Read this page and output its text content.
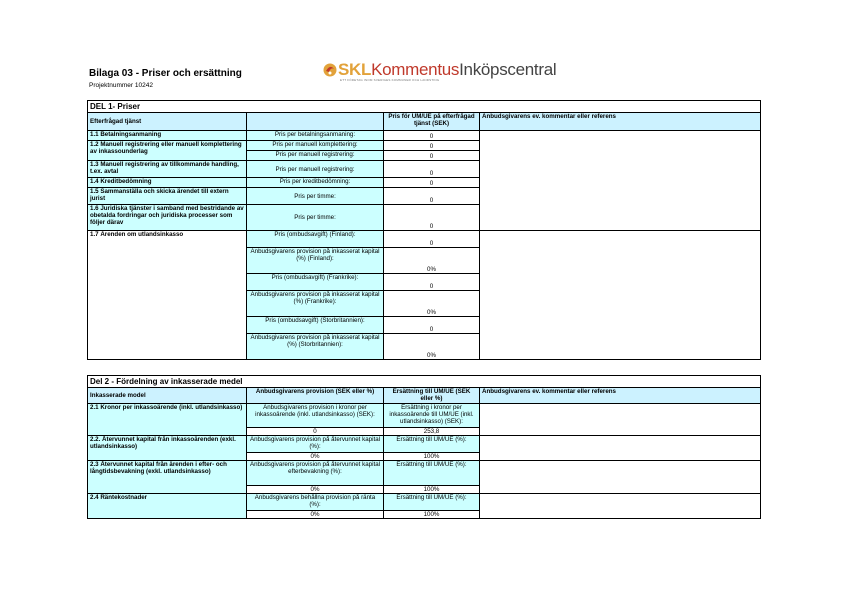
Bilaga 03 - Priser och ersättning
Projektnummer 10242
SKLKommentusInköpscentral
ETT FÖRETAG INOM SVERIGES KOMMUNER OCH LANDSTING
DEL 1- Priser			
Efterfrågad tjänst		Pris för UM/UE på efterfrågad tjänst (SEK)	Anbudsgivarens ev. kommentar eller referens
1.1 Betalningsanmaning	Pris per betalningsanmaning:	0	
1.2 Manuell registrering eller manuell komplettering av inkassounderlag	Pris per manuell komplettering:	0	
	Pris per manuell registrering:	0	
1.3 Manuell registrering av tillkommande handling, t.ex. avtal	Pris per manuell registrering:	0	
1.4 Kreditbedömning	Pris per kreditbedömning:	0	
1.5 Sammanställa och skicka ärendet till extern jurist	Pris per timme:	0	
1.6 Juridiska tjänster i samband med bestridande av obetalda fordringar och juridiska processer som följer därav	Pris per timme:	0	
1.7 Ärenden om utlandsinkasso	Pris (ombudsavgift) (Finland):	0	
	Anbudsgivarens provision på inkasserat kapital (%) (Finland):	0%	
	Pris (ombudsavgift) (Frankrike):	0	
	Anbudsgivarens provision på inkasserat kapital (%) (Frankrike):	0%	
	Pris (ombudsavgift) (Storbritannien):	0	
	Anbudsgivarens provision på inkasserat kapital (%) (Storbritannien):	0%	
Del 2 - Fördelning av inkasserade medel			
Inkasserade model	Anbudsgivarens provision (SEK eller %)	Ersättning till UM/UE (SEK eller %)	Anbudsgivarens ev. kommentar eller referens
2.1 Kronor per inkassoärende (inkl. utlandsinkasso)	Anbudsgivarens provision i kronor per inkassoärende (inkl. utlandsinkasso) (SEK):	Ersättning i kronor per inkassoärende till UM/UE (inkl. utlandsinkasso) (SEK):	
	0	253,8	
2.2. Återvunnet kapital från inkassoärenden (exkl. utlandsinkasso)	Anbudsgivarens provision på återvunnet kapital (%):	Ersättning till UM/UE (%):	
	0%	100%	
2.3 Återvunnet kapital från ärenden i efter- och långtidsbevakning (exkl. utlandsinkasso)	Anbudsgivarens provision på återvunnet kapital efterbevakning (%):	Ersättning till UM/UE (%):	
	0%	100%	
2.4 Räntekostnader	Anbudsgivarens behållna provision på ränta (%):	Ersättning till UM/UE (%):	
	0%	100%	
